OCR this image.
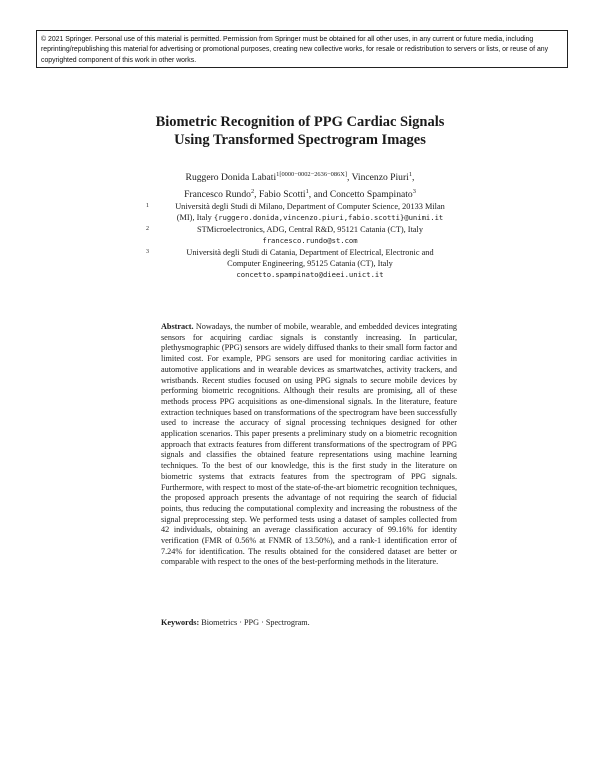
© 2021 Springer. Personal use of this material is permitted. Permission from Springer must be obtained for all other uses, in any current or future media, including reprinting/republishing this material for advertising or promotional purposes, creating new collective works, for resale or redistribution to servers or lists, or reuse of any copyrighted component of this work in other works.
Biometric Recognition of PPG Cardiac Signals
Using Transformed Spectrogram Images
Ruggero Donida Labati$^{1[0000-0002-2636-086X]}$, Vincenzo Piuri$^1$,
Francesco Rundo$^2$, Fabio Scotti$^1$, and Concetto Spampinato$^3$
1	Università degli Studi di Milano, Department of Computer Science, 20133 Milan
(MI), Italy {ruggero.donida,vincenzo.piuri,fabio.scotti}@unimi.it
2	STMicroelectronics, ADG, Central R&D, 95121 Catania (CT), Italy
francesco.rundo@st.com
3	Università degli Studi di Catania, Department of Electrical, Electronic and
Computer Engineering, 95125 Catania (CT), Italy
concetto.spampinato@dieei.unict.it
Abstract. Nowadays, the number of mobile, wearable, and embedded devices integrating sensors for acquiring cardiac signals is constantly increasing. In particular, plethysmographic (PPG) sensors are widely diffused thanks to their small form factor and limited cost. For example, PPG sensors are used for monitoring cardiac activities in automotive applications and in wearable devices as smartwatches, activity trackers, and wristbands. Recent studies focused on using PPG signals to secure mobile devices by performing biometric recognitions. Although their results are promising, all of these methods process PPG acquisitions as one-dimensional signals. In the literature, feature extraction techniques based on transformations of the spectrogram have been successfully used to increase the accuracy of signal processing techniques designed for other application scenarios. This paper presents a preliminary study on a biometric recognition approach that extracts features from different transformations of the spectrogram of PPG signals and classifies the obtained feature representations using machine learning techniques. To the best of our knowledge, this is the first study in the literature on biometric systems that extracts features from the spectrogram of PPG signals. Furthermore, with respect to most of the state-of-the-art biometric recognition techniques, the proposed approach presents the advantage of not requiring the search of fiducial points, thus reducing the computational complexity and increasing the robustness of the signal preprocessing step. We performed tests using a dataset of samples collected from 42 individuals, obtaining an average classification accuracy of 99.16% for identity verification (FMR of 0.56% at FNMR of 13.50%), and a rank-1 identification error of 7.24% for identification. The results obtained for the considered dataset are better or comparable with respect to the ones of the best-performing methods in the literature.
Keywords: Biometrics · PPG · Spectrogram.
